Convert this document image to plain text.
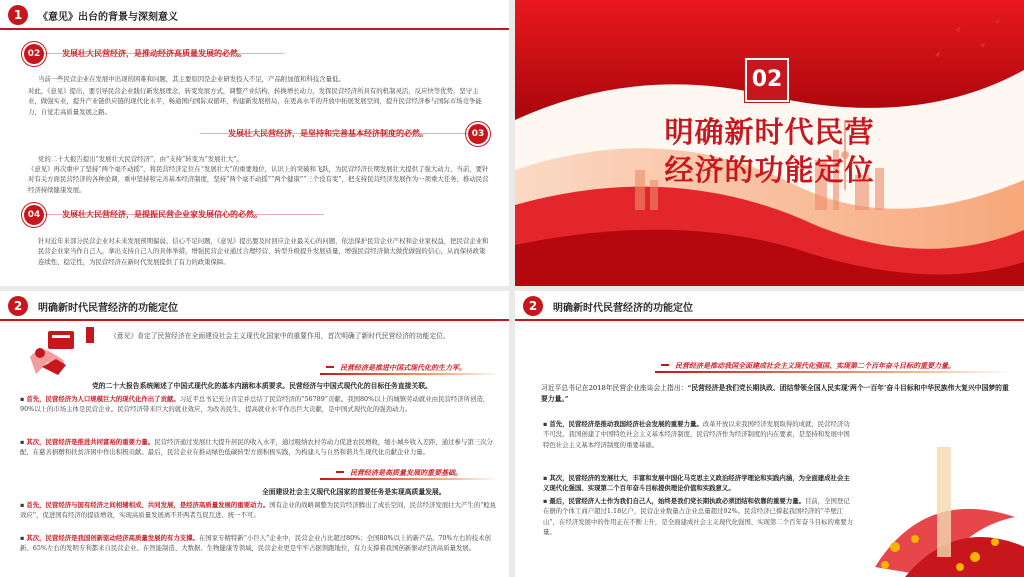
1	《意见》出台的背景与深刻意义
02	发展壮大民营经济，是推动经济高质量发展的必然。
当前一些民营企业在发展中出现的困难和问题，其主要原因是企业研发投入不足，产品附加值和科技含量低。
对此，《意见》提出，要引导民营企业践行新发展理念，转变发展方式，调整产业结构，转换增长动力，发挥民营经济所具有的机制灵活，反应快等优势，坚守主业，做强实业，提升产业链供应链的现代化水平，畅通国内国际双循环，构建新发展格局，在更高水平的开放中拓展发展空间，提升民营经济参与国际市场竞争能力，自觉走高质量发展之路。
03
发展壮大民营经济，是坚持和完善基本经济制度的必然。
党的二十大报告提出“发展壮大民营经济”，由“支持”转变为“发展壮大”。
《意见》再次重申了坚持“两个毫不动摇”，将民营经济定位在“发展壮大”的重要地位，认识上的突破和飞跃，为民营经济长期发展壮大提供了强大动力，当前，要针对有关方面民营经济的各种论调，重申坚持和完善基本经济制度，坚持“两个毫不动摇”“两个健康”“三个没有变”，把支持民营经济发展作为一项重大任务，推动民营经济持续健康发展。
04	发展壮大民营经济，是提振民营企业家发展信心的必然。
针对近年来部分民营企业对未来发展预期偏弱、信心不足问题，《意见》提出要及时回应企业最关心的问题，依法保护民营企业产权和企业家权益，把民营企业和民营企业家当作自己人，拿出支持自己人的具体举措，增强民营企业通过合理经营、转型升级提升发展质量，增强民营经济做大做优做强的信心，从而保持政策连续性、稳定性，为民营经济在新时代发展提供了有力的政策保障。
02
明确新时代民营
经济的功能定位
2	明确新时代民营经济的功能定位
《意见》肯定了民营经济在全面建设社会主义现代化国家中的重要作用，首次明确了新时代民营经济的功能定位。
民营经济是推进中国式现代化的生力军。
党的二十大报告系统阐述了中国式现代化的基本内涵和本质要求。民营经济与中国式现代化的目标任务直接关联。
▪ 首先，民营经济为人口规模巨大的现代化作出了贡献。习近平总书记充分肯定并总结了民营经济的“56789”贡献。我国80%以上的城镇劳动就业由民营经济所创造，90%以上的市场主体是民营企业。民营经济带来巨大的就业效应，为改善民生，提高就业水平作出巨大贡献，是中国式现代化的强劲动力。
▪ 其次，民营经济是推进共同富裕的重要力量。民营经济通过发展壮大提升居民的收入水平，通过吸纳农村劳动力促进农民增收，缩小城乡收入差距，通过参与第三次分配，在慈善捐赠和扶贫济困中作出积极贡献。最后，民营企业在推动绿色低碳转型方面积极实践，为构建人与自然和谐共生现代化贡献企业力量。
民营经济是高质量发展的重要基础。
全面建设社会主义现代化国家的首要任务是实现高质量发展。
▪ 首先，民营经济与国有经济之间相辅相成、共同发展，是经济高质量发展的重要动力。国有企业的战略调整为民营经济腾出了成长空间，民营经济发展壮大产生的“鲶鱼效应”，促进国有经济的提质增效，实现高质量发展离不开两者互促互进、统一不可。
▪ 其次，民营经济是我国创新驱动经济高质量发展的有力支撑。在国家专精特新“小巨人”企业中，民营企业占比超过80%；全国80%以上的新产品、70%左右的技术创新、65%左右的发明专利都来自民营企业。在智能制造、大数据、生物健康等领域，民营企业更是牢牢占据领跑地位，有力支撑着我国创新驱动经济高质量发展。
2	明确新时代民营经济的功能定位
民营经济是推动我国全面建成社会主义现代化强国、实现第二个百年奋斗目标的重要力量。
习近平总书记在2018年民营企业座谈会上指出：“民营经济是我们党长期执政、团结带领全国人民实现‘两个一百年’奋斗目标和中华民族伟大复兴中国梦的重要力量。”
▪ 首先，民营经济是推动我国经济社会发展的重要力量。改革开放以来我国经济发展取得的成就，民营经济功不可没。我国创建了中国特色社会主义基本经济制度，民营经济作为经济制度的内在要素，是坚持和发展中国特色社会主义基本经济制度的重要基础。
▪ 其次，民营经济的发展壮大，丰富和发展中国化马克思主义政治经济学理论和实践内涵，为全面建成社会主义现代化强国、实现第二个百年奋斗目标提供理论价值和实践意义。
▪ 最后，民营经济人士作为我们自己人，始终是我们党长期执政必须团结和依靠的重要力量。目前，全国登记在册的个体工商户超过1.18亿户，民营企业数量占企业总量超过92%。民营经济已撑起我国经济的“半壁江山”，在经济发展中的作用正在不断上升，是全面建成社会主义现代化强国、实现第二个百年奋斗目标的重要力量。
